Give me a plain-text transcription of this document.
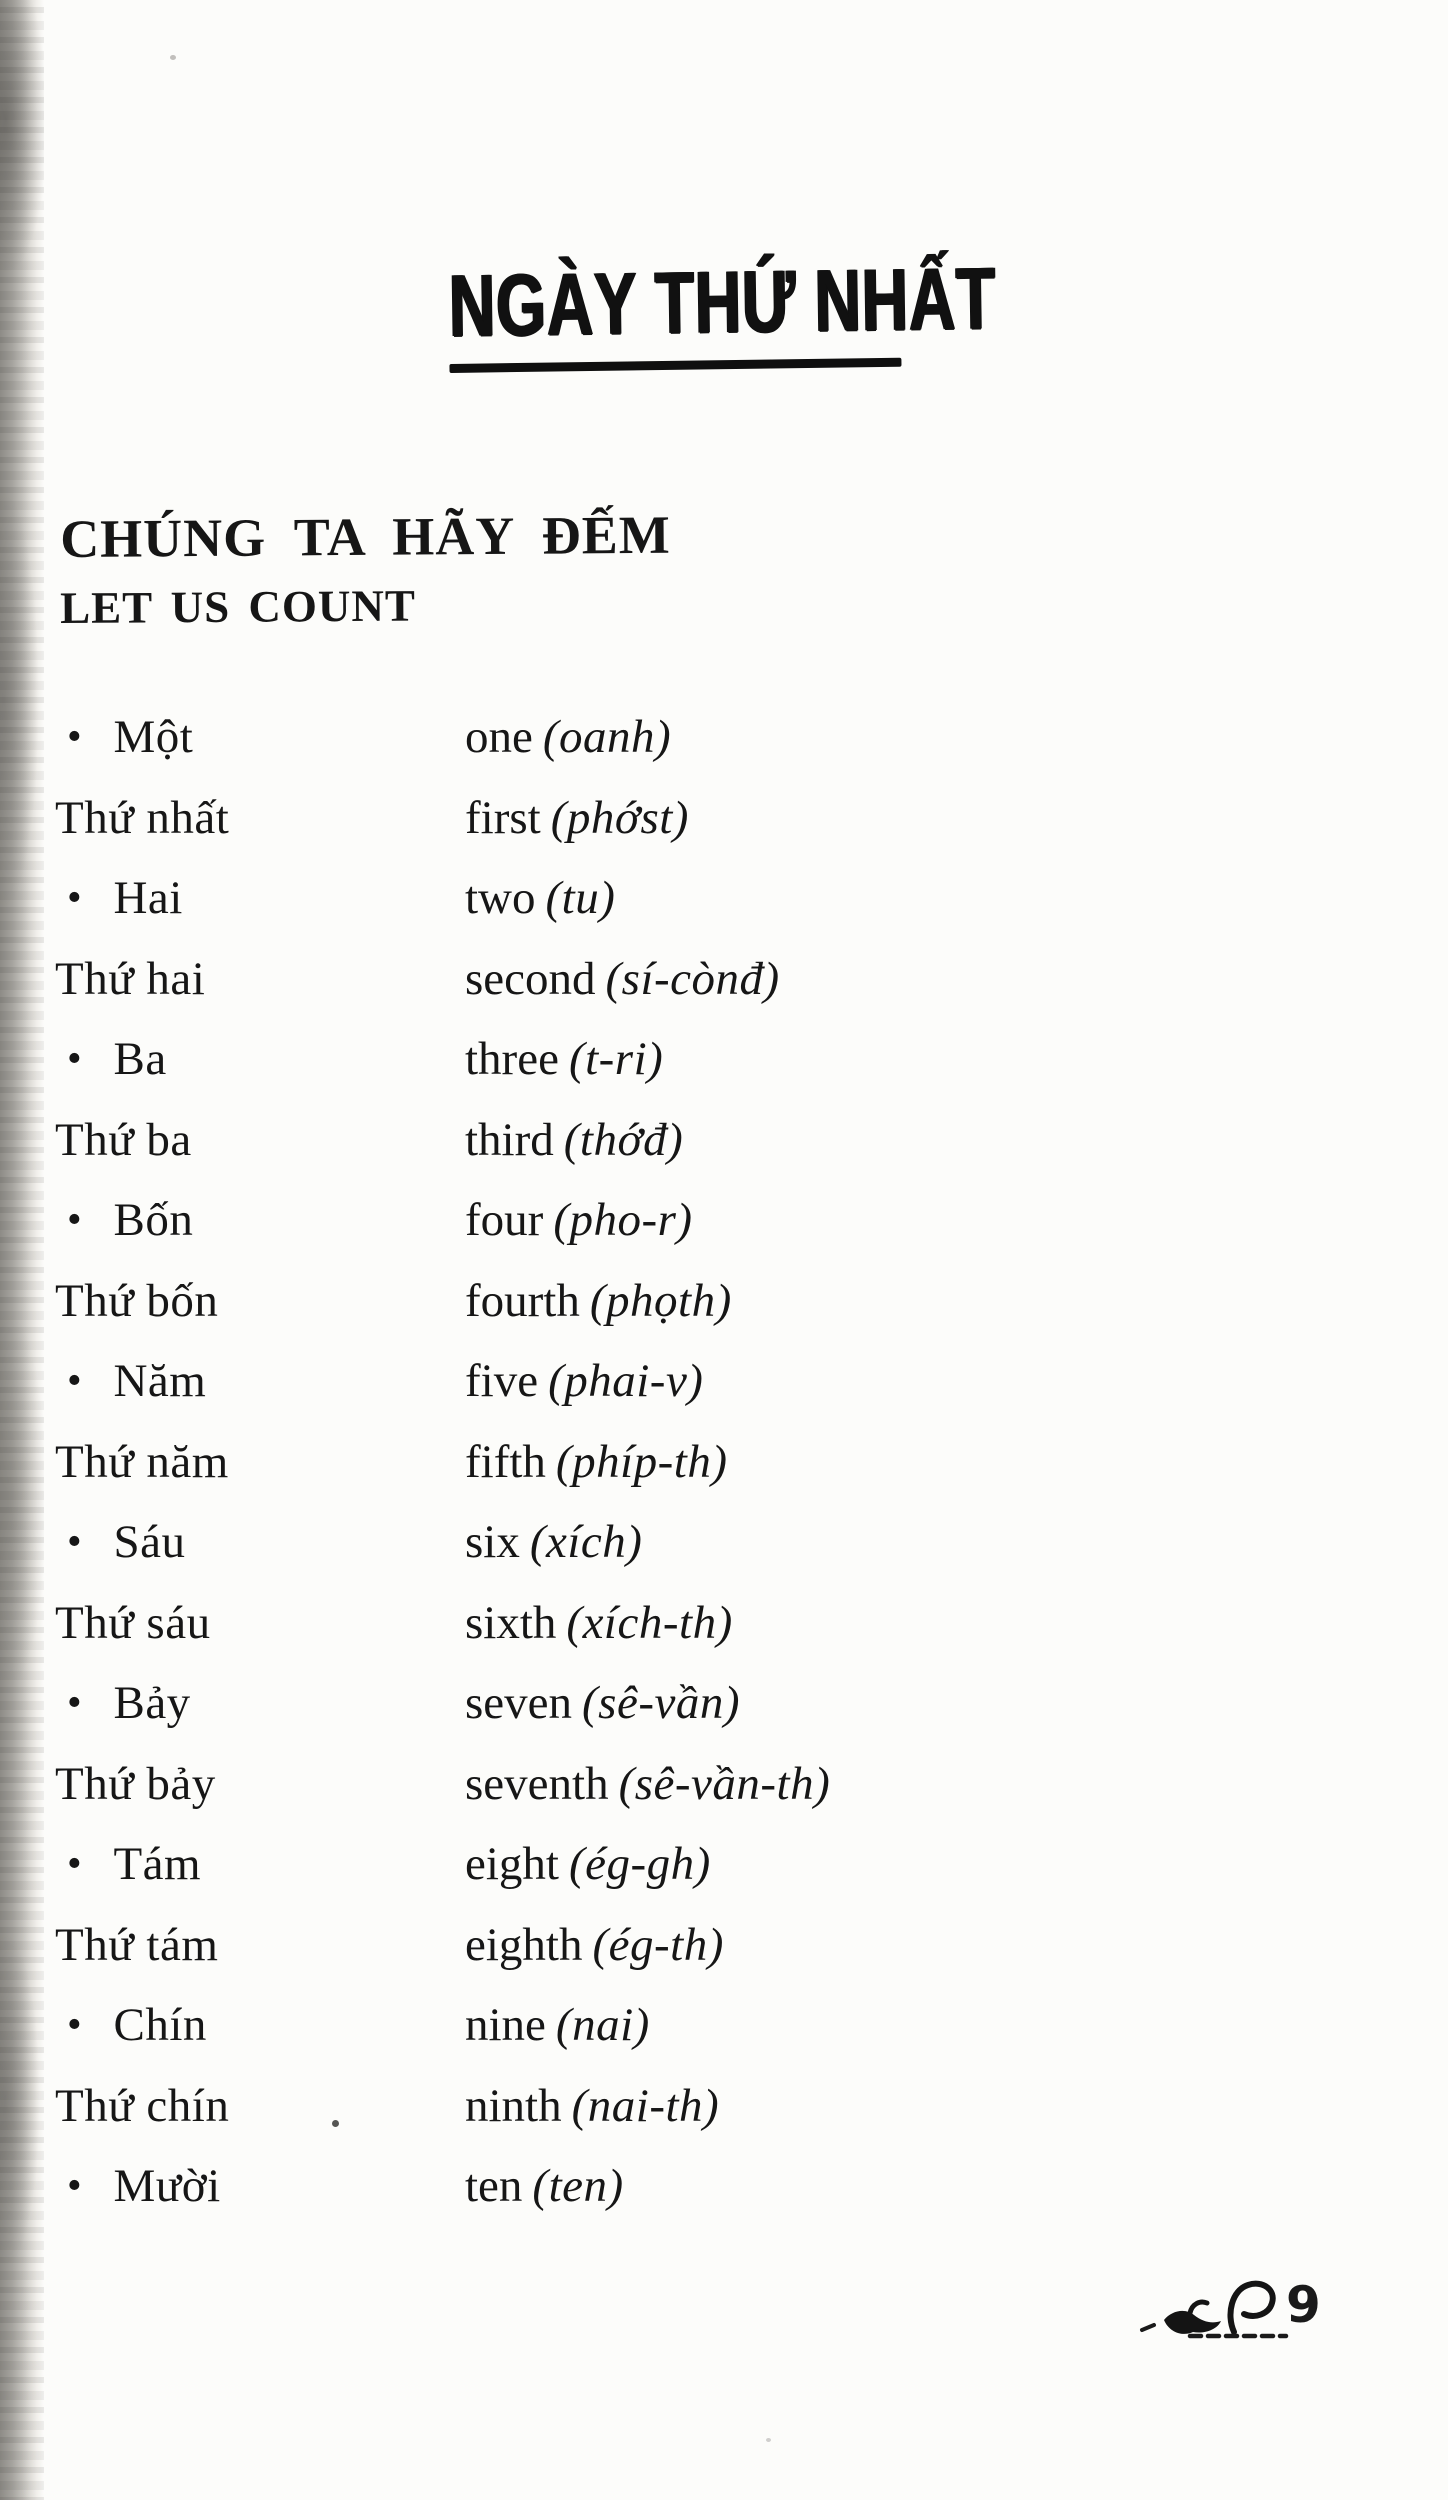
NGÀY THỨ NHẤT
CHÚNG TA HÃY ĐẾM
LET US COUNT
• Một	one (oanh)
Thứ nhất	first (phớst)
• Hai	two (tu)
Thứ hai	second (sí-cònđ)
• Ba	three (t-ri)
Thứ ba	third (thớđ)
• Bốn	four (pho-r)
Thứ bốn	fourth (phọth)
• Năm	five (phai-v)
Thứ năm	fifth (phíp-th)
• Sáu	six (xích)
Thứ sáu	sixth (xích-th)
• Bảy	seven (sê-vần)
Thứ bảy	seventh (sê-vần-th)
• Tám	eight (ég-gh)
Thứ tám	eighth (ég-th)
• Chín	nine (nai)
Thứ chín	ninth (nai-th)
• Mười	ten (ten)
9
